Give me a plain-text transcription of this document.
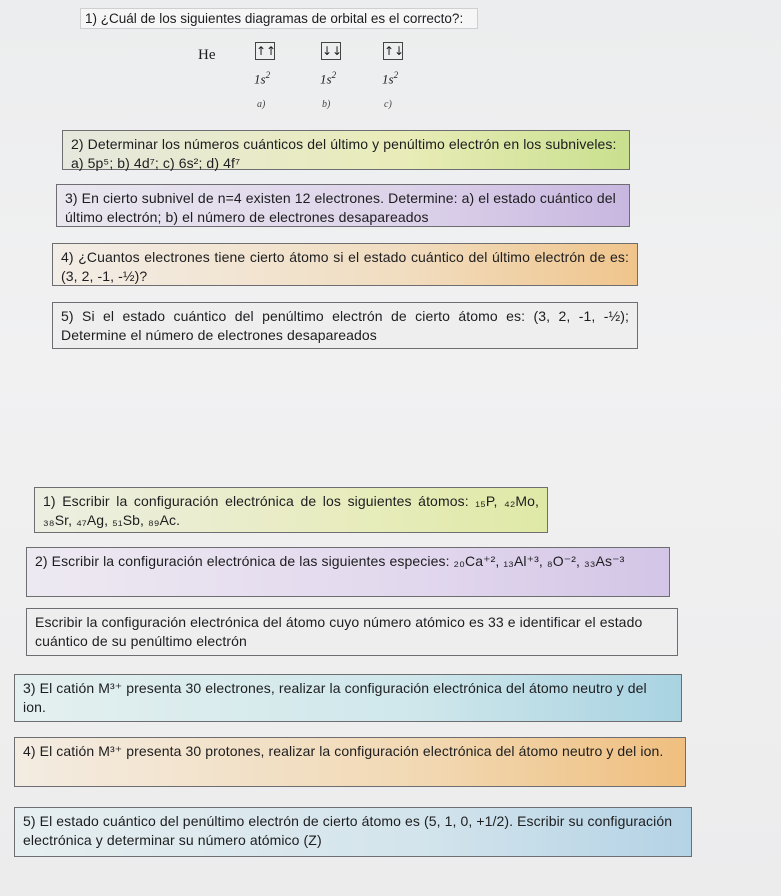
1) ¿Cuál de los siguientes diagramas de orbital es el correcto?:
He	↑↑	↓↓	↑↓
$1s^2$	$1s^2$	$1s^2$
a)	b)	c)
2) Determinar los números cuánticos del último y penúltimo electrón en los subniveles: a) 5p⁵; b) 4d⁷; c) 6s²; d) 4f⁷
3) En cierto subnivel de n=4 existen 12 electrones. Determine: a) el estado cuántico del último electrón; b) el número de electrones desapareados
4) ¿Cuantos electrones tiene cierto átomo si el estado cuántico del último electrón de es: (3, 2, -1, -½)?
5) Si el estado cuántico del penúltimo electrón de cierto átomo es: (3, 2, -1, -½); Determine el número de electrones desapareados
1) Escribir la configuración electrónica de los siguientes átomos: ₁₅P, ₄₂Mo, ₃₈Sr, ₄₇Ag, ₅₁Sb, ₈₉Ac.
2) Escribir la configuración electrónica de las siguientes especies: ₂₀Ca⁺², ₁₃Al⁺³, ₈O⁻², ₃₃As⁻³
Escribir la configuración electrónica del átomo cuyo número atómico es 33 e identificar el estado cuántico de su penúltimo electrón
3) El catión M³⁺ presenta 30 electrones, realizar la configuración electrónica del átomo neutro y del ion.
4) El catión M³⁺ presenta 30 protones, realizar la configuración electrónica del átomo neutro y del ion.
5) El estado cuántico del penúltimo electrón de cierto átomo es (5, 1, 0, +1/2). Escribir su configuración electrónica y determinar su número atómico (Z)
